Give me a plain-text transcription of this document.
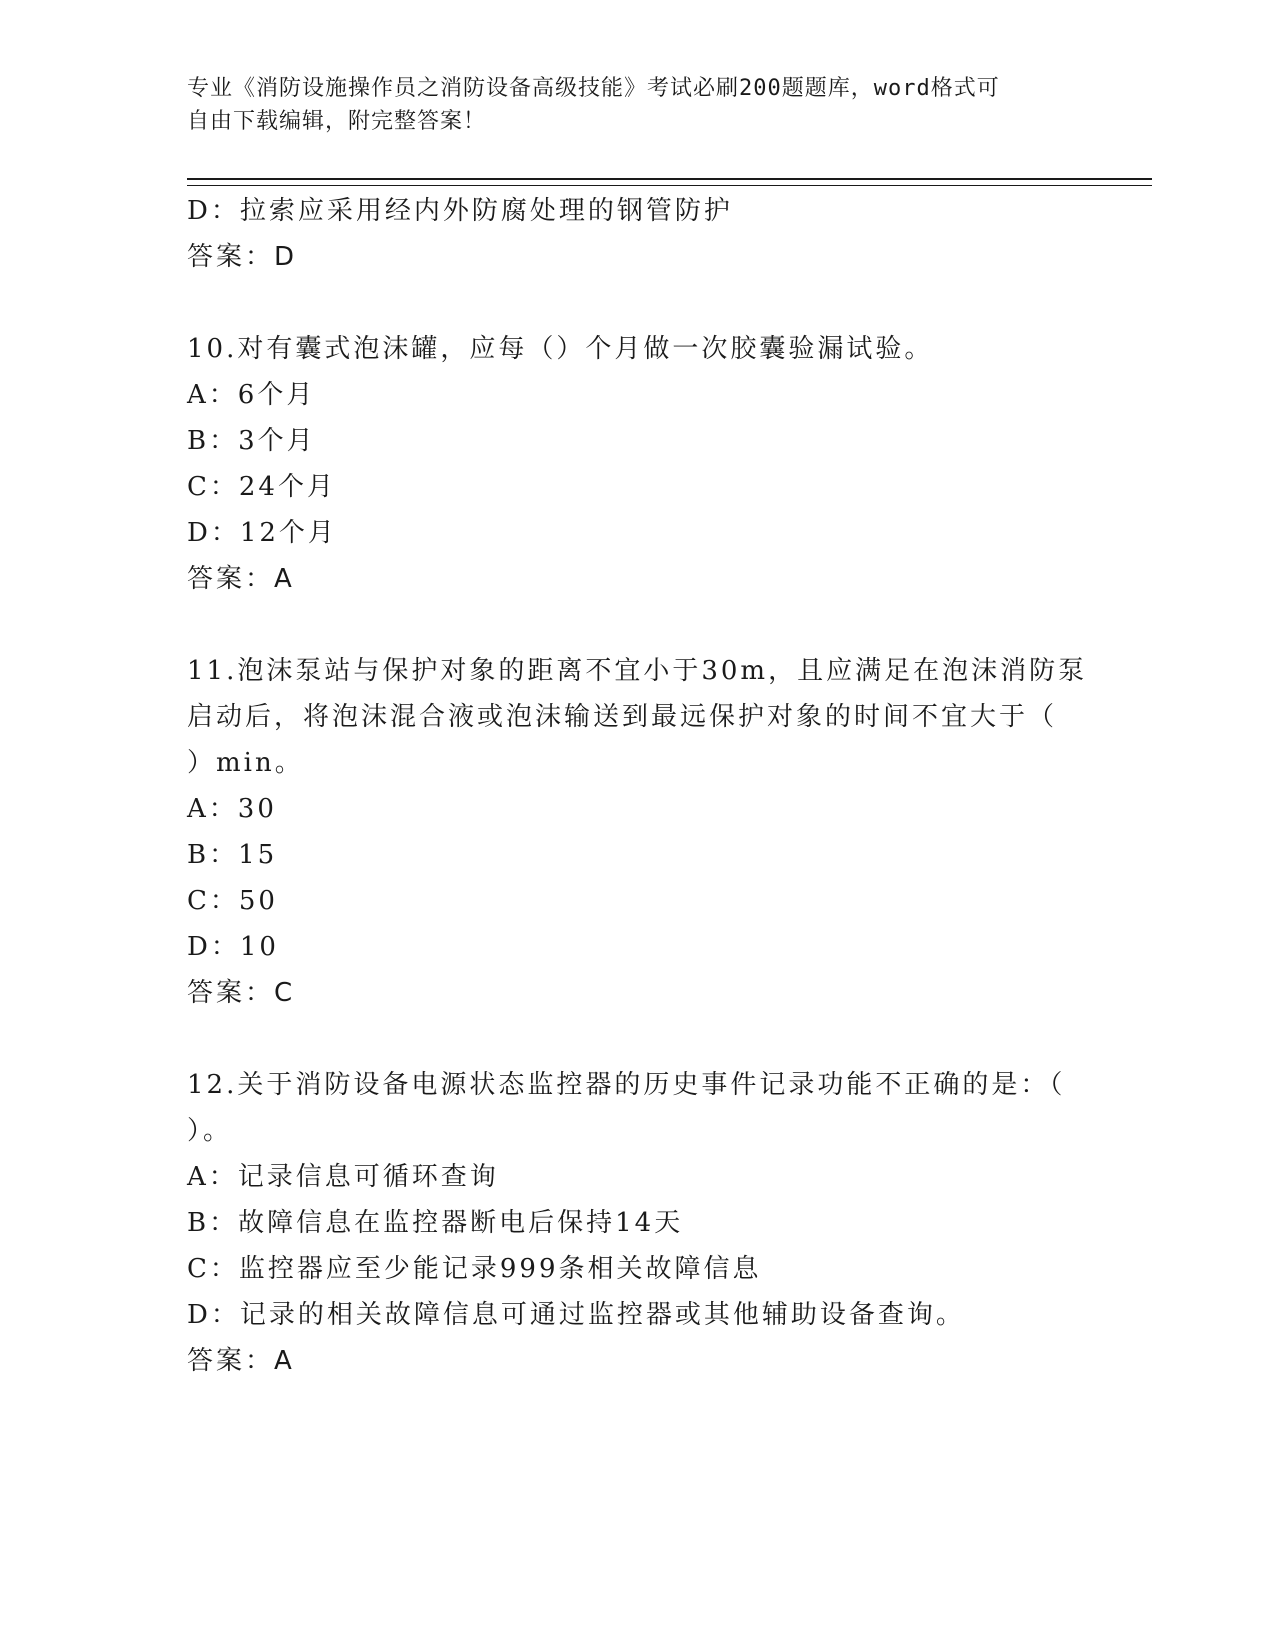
专业《消防设施操作员之消防设备高级技能》考试必刷200题题库，word格式可
自由下载编辑，附完整答案！
D：拉索应采用经内外防腐处理的钢管防护
答案：D
10.对有囊式泡沫罐，应每（）个月做一次胶囊验漏试验。
A：6个月
B：3个月
C：24个月
D：12个月
答案：A
11.泡沫泵站与保护对象的距离不宜小于30m，且应满足在泡沫消防泵
启动后，将泡沫混合液或泡沫输送到最远保护对象的时间不宜大于（
）min。
A：30
B：15
C：50
D：10
答案：C
12.关于消防设备电源状态监控器的历史事件记录功能不正确的是：（
）。
A：记录信息可循环查询
B：故障信息在监控器断电后保持14天
C：监控器应至少能记录999条相关故障信息
D：记录的相关故障信息可通过监控器或其他辅助设备查询。
答案：A
